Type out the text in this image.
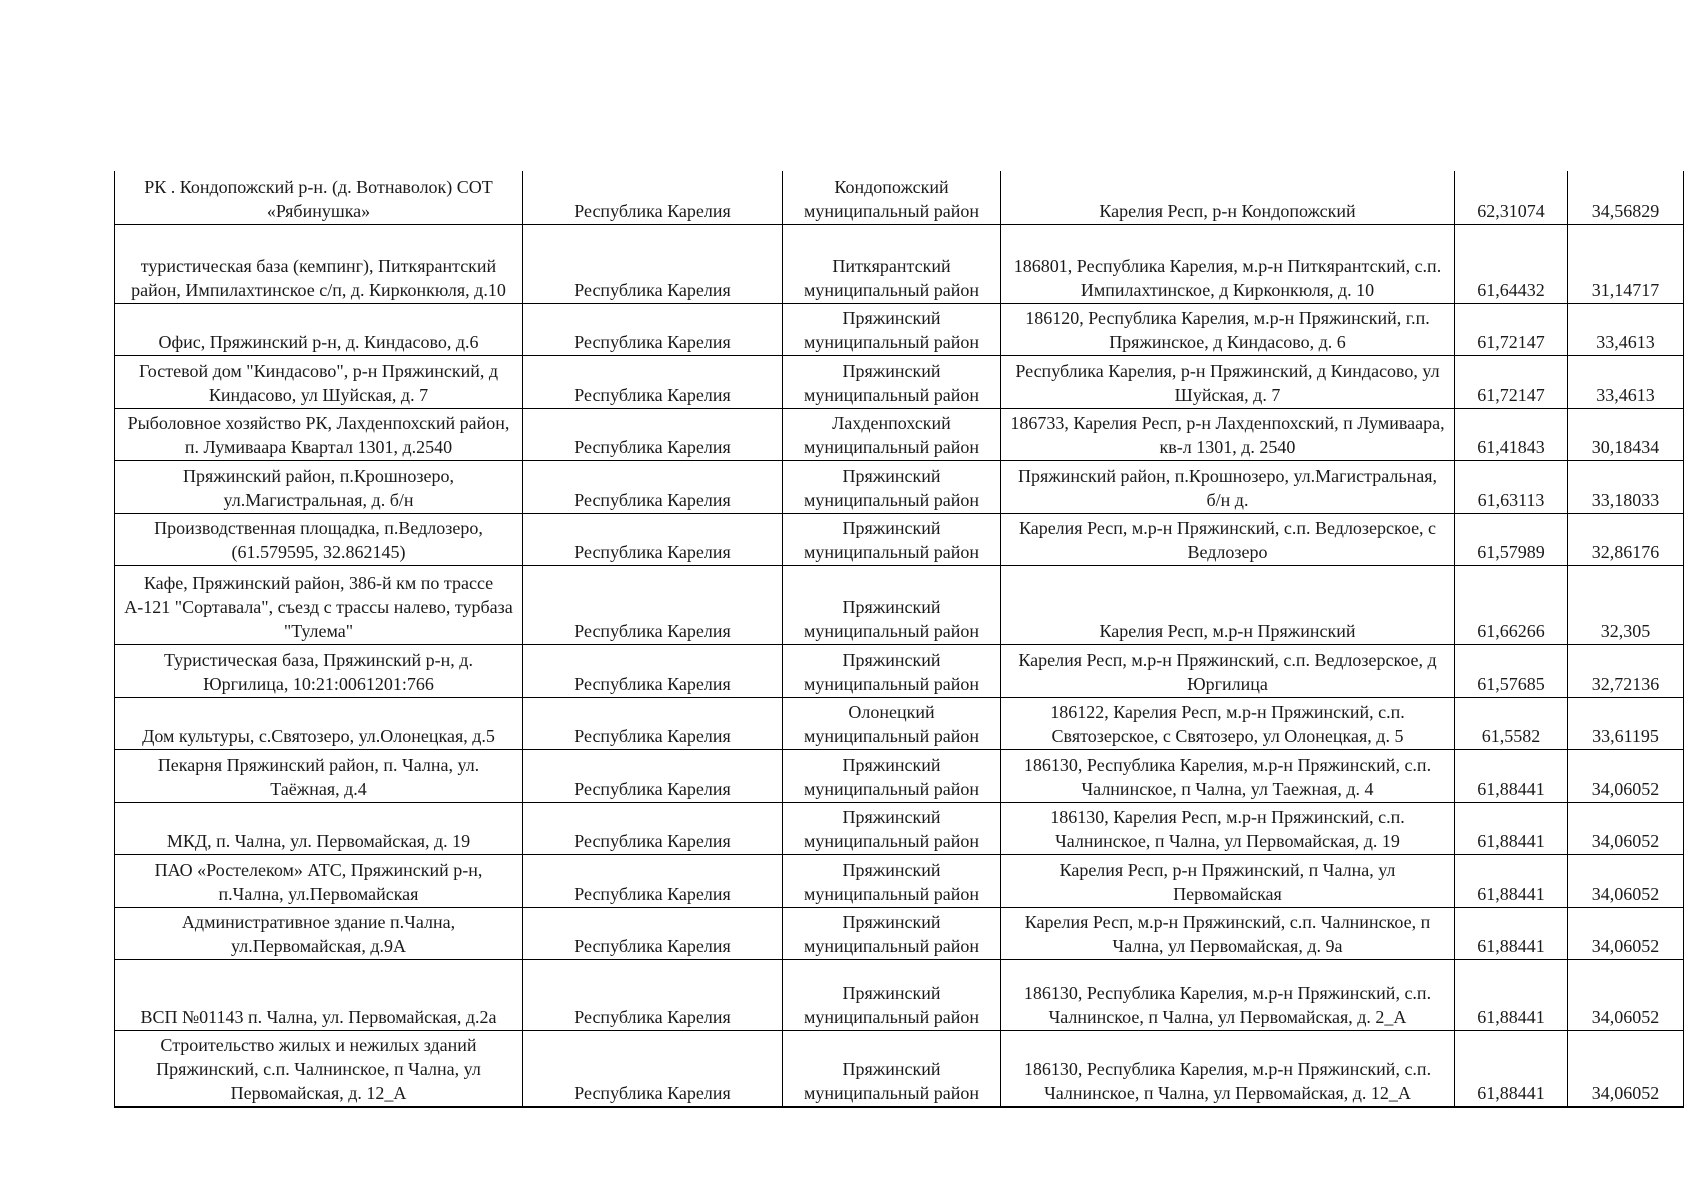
РК . Кондопожский р-н. (д. Вотнаволок) СОТ «Рябинушка»	Республика Карелия	Кондопожский муниципальный район	Карелия Респ, р-н Кондопожский	62,31074	34,56829
туристическая база (кемпинг), Питкярантский район, Импилахтинское с/п, д. Кирконкюля, д.10	Республика Карелия	Питкярантский муниципальный район	186801, Республика Карелия, м.р-н Питкярантский, с.п. Импилахтинское, д Кирконкюля, д. 10	61,64432	31,14717
Офис, Пряжинский р-н, д. Киндасово, д.6	Республика Карелия	Пряжинский муниципальный район	186120, Республика Карелия, м.р-н Пряжинский, г.п. Пряжинское, д Киндасово, д. 6	61,72147	33,4613
Гостевой дом "Киндасово", р-н Пряжинский, д Киндасово, ул Шуйская, д. 7	Республика Карелия	Пряжинский муниципальный район	Республика Карелия, р-н Пряжинский, д Киндасово, ул Шуйская, д. 7	61,72147	33,4613
Рыболовное хозяйство РК, Лахденпохский район, п. Лумиваара Квартал 1301, д.2540	Республика Карелия	Лахденпохский муниципальный район	186733, Карелия Респ, р-н Лахденпохский, п Лумиваара, кв-л 1301, д. 2540	61,41843	30,18434
Пряжинский район, п.Крошнозеро, ул.Магистральная, д. б/н	Республика Карелия	Пряжинский муниципальный район	Пряжинский район, п.Крошнозеро, ул.Магистральная, б/н д.	61,63113	33,18033
Производственная площадка, п.Ведлозеро, (61.579595, 32.862145)	Республика Карелия	Пряжинский муниципальный район	Карелия Респ, м.р-н Пряжинский, с.п. Ведлозерское, с Ведлозеро	61,57989	32,86176
Кафе, Пряжинский район, 386-й км по трассе А-121 "Сортавала", съезд с трассы налево, турбаза "Тулема"	Республика Карелия	Пряжинский муниципальный район	Карелия Респ, м.р-н Пряжинский	61,66266	32,305
Туристическая база, Пряжинский р-н, д. Юргилица, 10:21:0061201:766	Республика Карелия	Пряжинский муниципальный район	Карелия Респ, м.р-н Пряжинский, с.п. Ведлозерское, д Юргилица	61,57685	32,72136
Дом культуры, с.Святозеро, ул.Олонецкая, д.5	Республика Карелия	Олонецкий муниципальный район	186122, Карелия Респ, м.р-н Пряжинский, с.п. Святозерское, с Святозеро, ул Олонецкая, д. 5	61,5582	33,61195
Пекарня Пряжинский район, п. Чална, ул. Таёжная, д.4	Республика Карелия	Пряжинский муниципальный район	186130, Республика Карелия, м.р-н Пряжинский, с.п. Чалнинское, п Чална, ул Таежная, д. 4	61,88441	34,06052
МКД, п. Чална, ул. Первомайская, д. 19	Республика Карелия	Пряжинский муниципальный район	186130, Карелия Респ, м.р-н Пряжинский, с.п. Чалнинское, п Чална, ул Первомайская, д. 19	61,88441	34,06052
ПАО «Ростелеком» АТС, Пряжинский р-н, п.Чална, ул.Первомайская	Республика Карелия	Пряжинский муниципальный район	Карелия Респ, р-н Пряжинский, п Чална, ул Первомайская	61,88441	34,06052
Административное здание п.Чална, ул.Первомайская, д.9А	Республика Карелия	Пряжинский муниципальный район	Карелия Респ, м.р-н Пряжинский, с.п. Чалнинское, п Чална, ул Первомайская, д. 9а	61,88441	34,06052
ВСП №01143 п. Чална, ул. Первомайская, д.2а	Республика Карелия	Пряжинский муниципальный район	186130, Республика Карелия, м.р-н Пряжинский, с.п. Чалнинское, п Чална, ул Первомайская, д. 2_А	61,88441	34,06052
Строительство жилых и нежилых зданий Пряжинский, с.п. Чалнинское, п Чална, ул Первомайская, д. 12_А	Республика Карелия	Пряжинский муниципальный район	186130, Республика Карелия, м.р-н Пряжинский, с.п. Чалнинское, п Чална, ул Первомайская, д. 12_А	61,88441	34,06052
